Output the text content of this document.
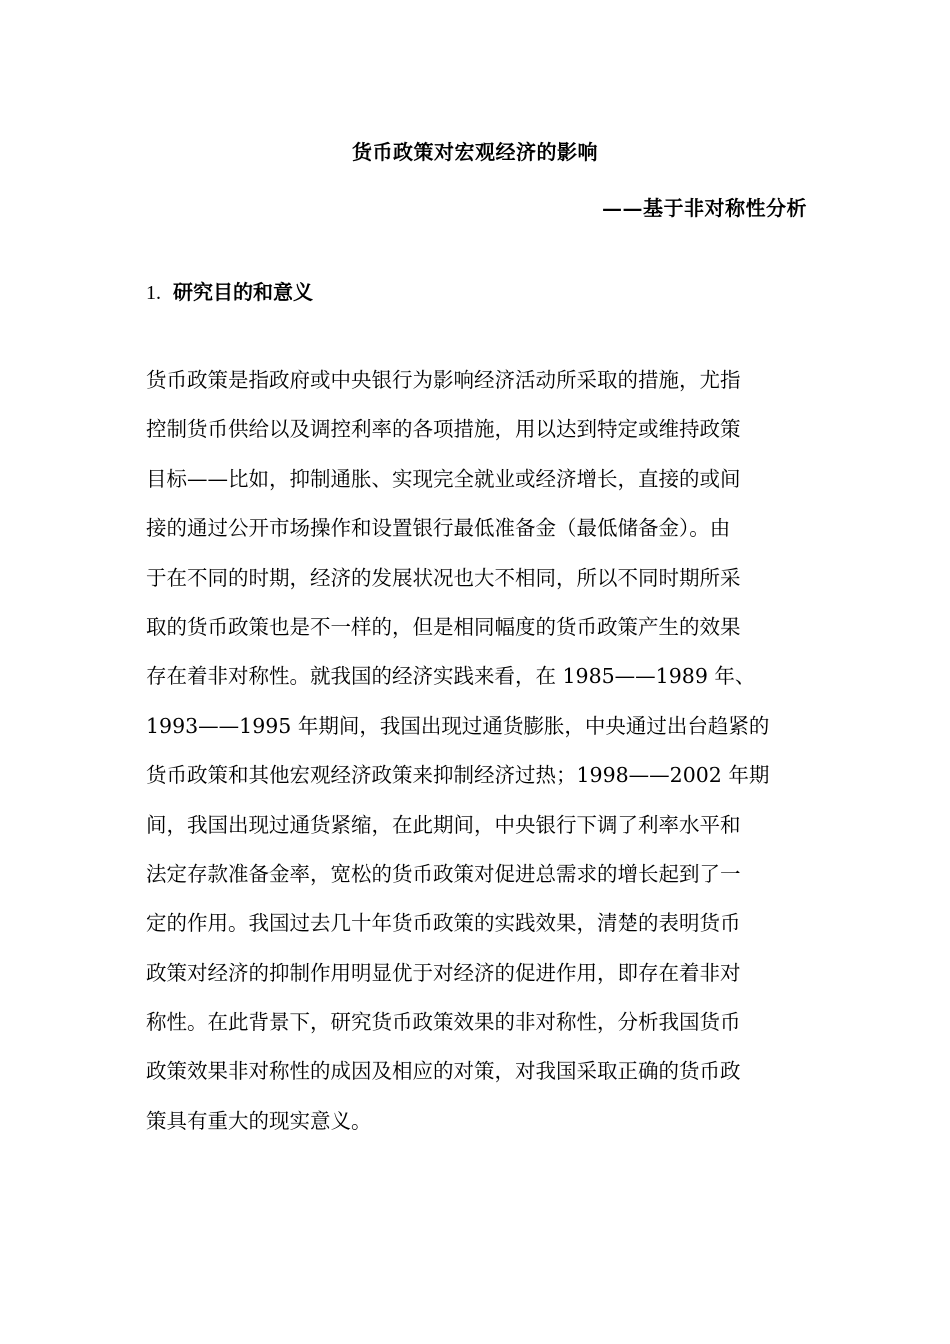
货币政策对宏观经济的影响
——基于非对称性分析
1. 研究目的和意义
货币政策是指政府或中央银行为影响经济活动所采取的措施，尤指
控制货币供给以及调控利率的各项措施，用以达到特定或维持政策
目标——比如，抑制通胀、实现完全就业或经济增长，直接的或间
接的通过公开市场操作和设置银行最低准备金（最低储备金）。由
于在不同的时期，经济的发展状况也大不相同，所以不同时期所采
取的货币政策也是不一样的，但是相同幅度的货币政策产生的效果
存在着非对称性。就我国的经济实践来看，在 1985——1989 年、
1993——1995 年期间，我国出现过通货膨胀，中央通过出台趋紧的
货币政策和其他宏观经济政策来抑制经济过热；1998——2002 年期
间，我国出现过通货紧缩，在此期间，中央银行下调了利率水平和
法定存款准备金率，宽松的货币政策对促进总需求的增长起到了一
定的作用。我国过去几十年货币政策的实践效果，清楚的表明货币
政策对经济的抑制作用明显优于对经济的促进作用，即存在着非对
称性。在此背景下，研究货币政策效果的非对称性，分析我国货币
政策效果非对称性的成因及相应的对策，对我国采取正确的货币政
策具有重大的现实意义。
